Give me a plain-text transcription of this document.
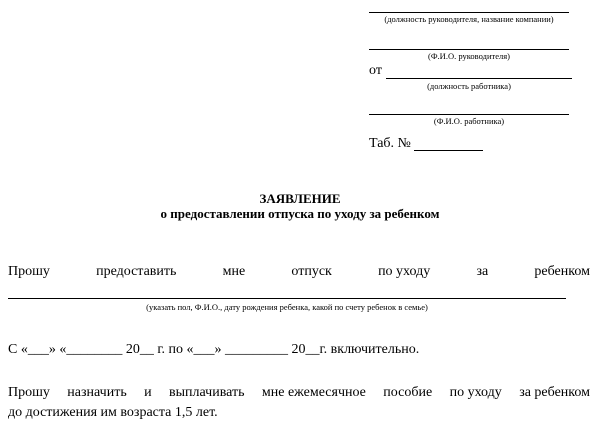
(должность руководителя, название компании)
(Ф.И.О. руководителя)
от
(должность работника)
(Ф.И.О. работника)
Таб. №
ЗАЯВЛЕНИЕ
о предоставлении отпуска по уходу за ребенком
Прошу	предоставить	мне	отпуск	по уходу	за	ребенком
(указать пол, Ф.И.О., дату рождения ребенка, какой по счету ребенок в семье)
С «___» «________ 20__ г. по «___» _________ 20__г. включительно.
Прошу назначить и выплачивать мне ежемесячное пособие по уходу за ребенком
до достижения им возраста 1,5 лет.
